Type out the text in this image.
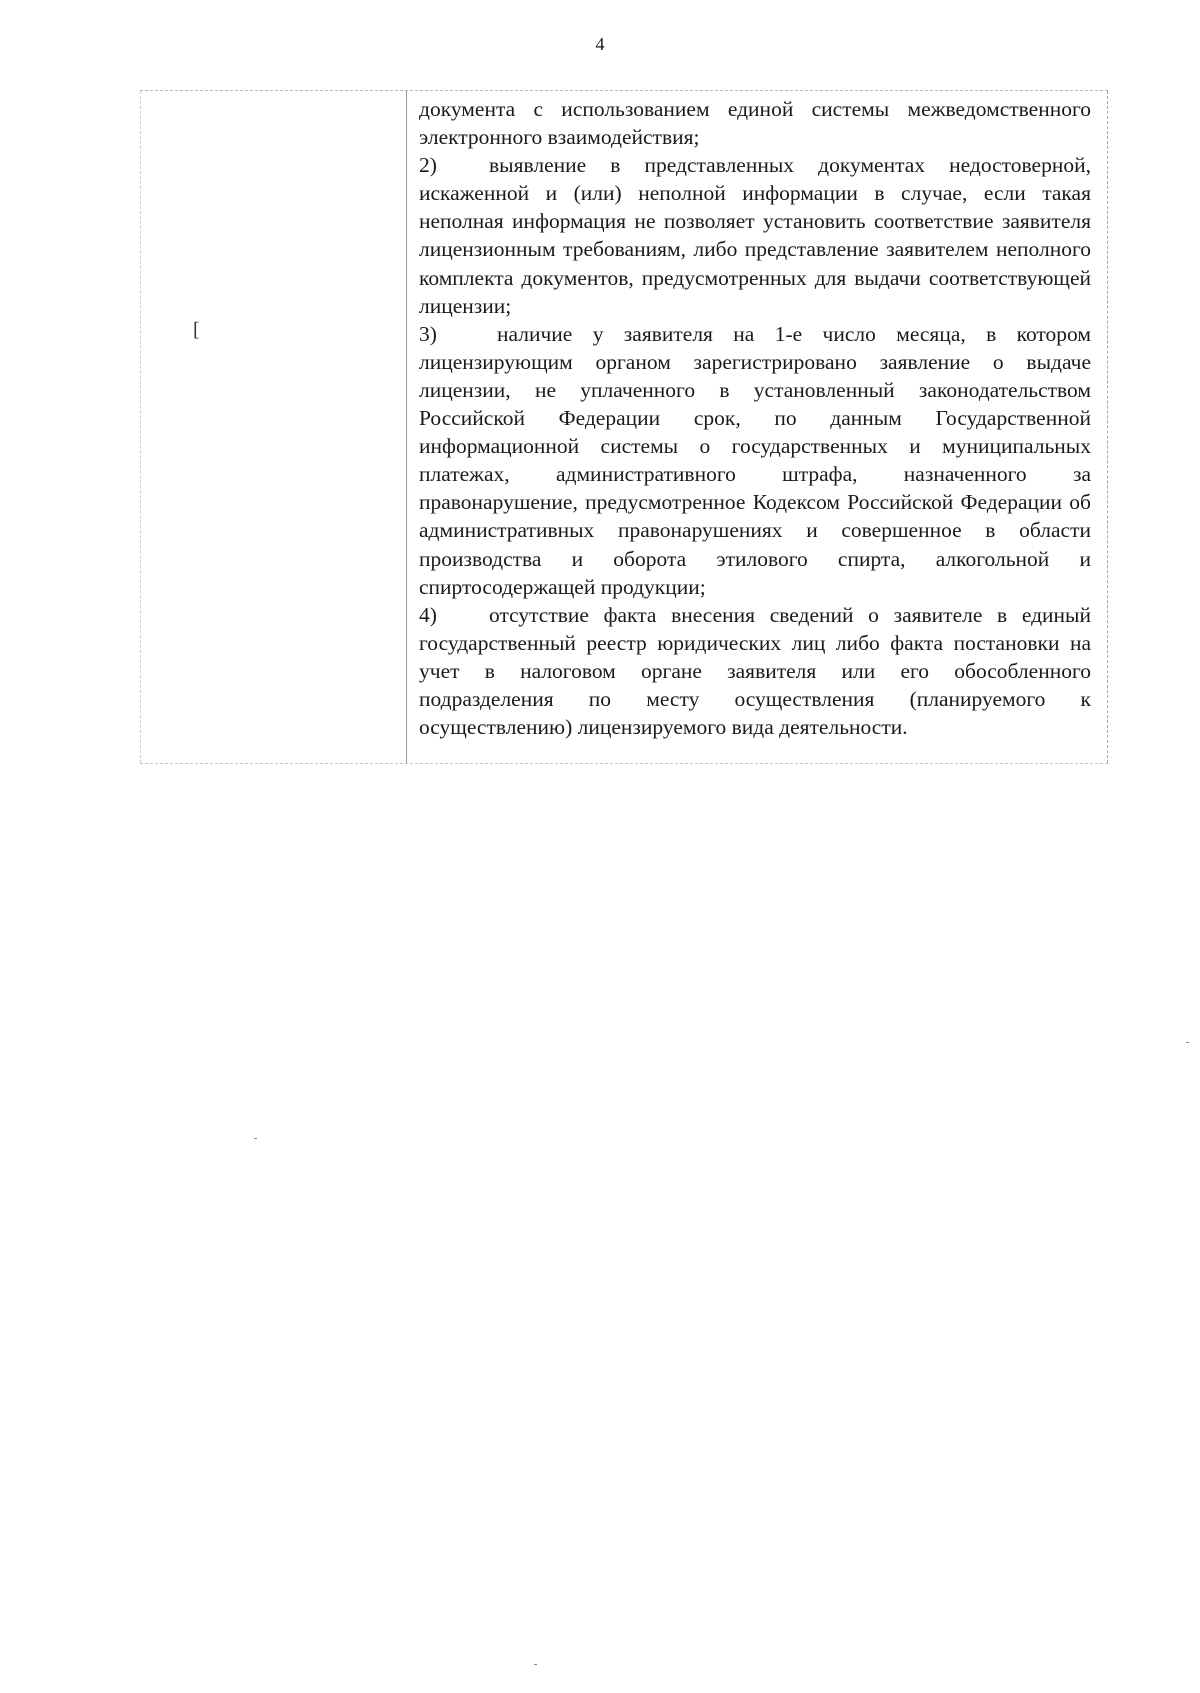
4
[

документа с использованием единой системы межведомственного электронного взаимодействия;

2) выявление в представленных документах недостоверной, искаженной и (или) неполной информации в случае, если такая неполная информация не позволяет установить соответствие заявителя лицензионным требованиям, либо представление заявителем неполного комплекта документов, предусмотренных для выдачи соответствующей лицензии;

3)	наличие у заявителя на 1-е число месяца, в котором лицензирующим органом зарегистрировано заявление о выдаче лицензии, не уплаченного в установленный законодательством Российской Федерации срок, по данным Государственной информационной системы о государственных и муниципальных платежах, административного штрафа, назначенного за правонарушение, предусмотренное Кодексом Российской Федерации об административных правонарушениях и совершенное в области производства и оборота этилового спирта, алкогольной и спиртосодержащей продукции;

4) отсутствие факта внесения сведений о заявителе в единый государственный реестр юридических лиц либо факта постановки на учет в налоговом органе заявителя или его обособленного подразделения по месту осуществления (планируемого к осуществлению) лицензируемого вида деятельности.
